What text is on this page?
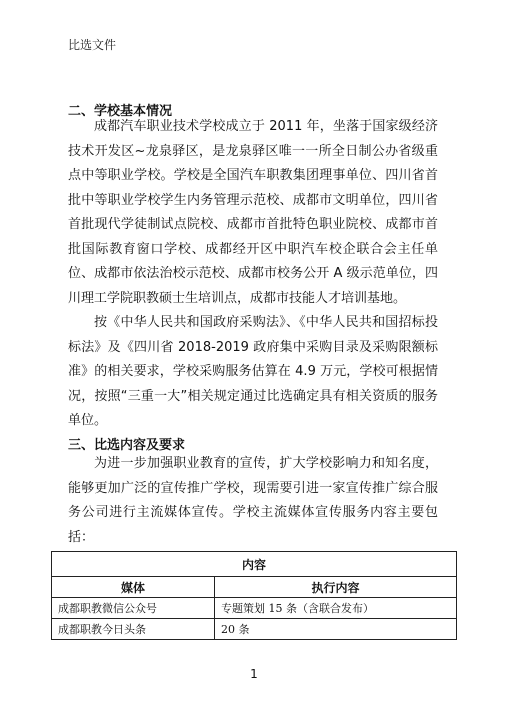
比选文件
二、学校基本情况

成都汽车职业技术学校成立于 2011 年，坐落于国家级经济技术开发区~龙泉驿区，是龙泉驿区唯一一所全日制公办省级重点中等职业学校。学校是全国汽车职教集团理事单位、四川省首批中等职业学校学生内务管理示范校、成都市文明单位，四川省首批现代学徒制试点院校、成都市首批特色职业院校、成都市首批国际教育窗口学校、成都经开区中职汽车校企联合会主任单位、成都市依法治校示范校、成都市校务公开 A 级示范单位，四川理工学院职教硕士生培训点，成都市技能人才培训基地。

按《中华人民共和国政府采购法》、《中华人民共和国招标投标法》及《四川省 2018-2019 政府集中采购目录及采购限额标准》的相关要求，学校采购服务估算在 4.9 万元，学校可根据情况，按照“三重一大”相关规定通过比选确定具有相关资质的服务单位。

三、比选内容及要求

为进一步加强职业教育的宣传，扩大学校影响力和知名度，能够更加广泛的宣传推广学校，现需要引进一家宣传推广综合服务公司进行主流媒体宣传。学校主流媒体宣传服务内容主要包括：

内容	
媒体	执行内容
成都职教微信公众号	专题策划 15 条（含联合发布）
成都职教今日头条	20 条
1
